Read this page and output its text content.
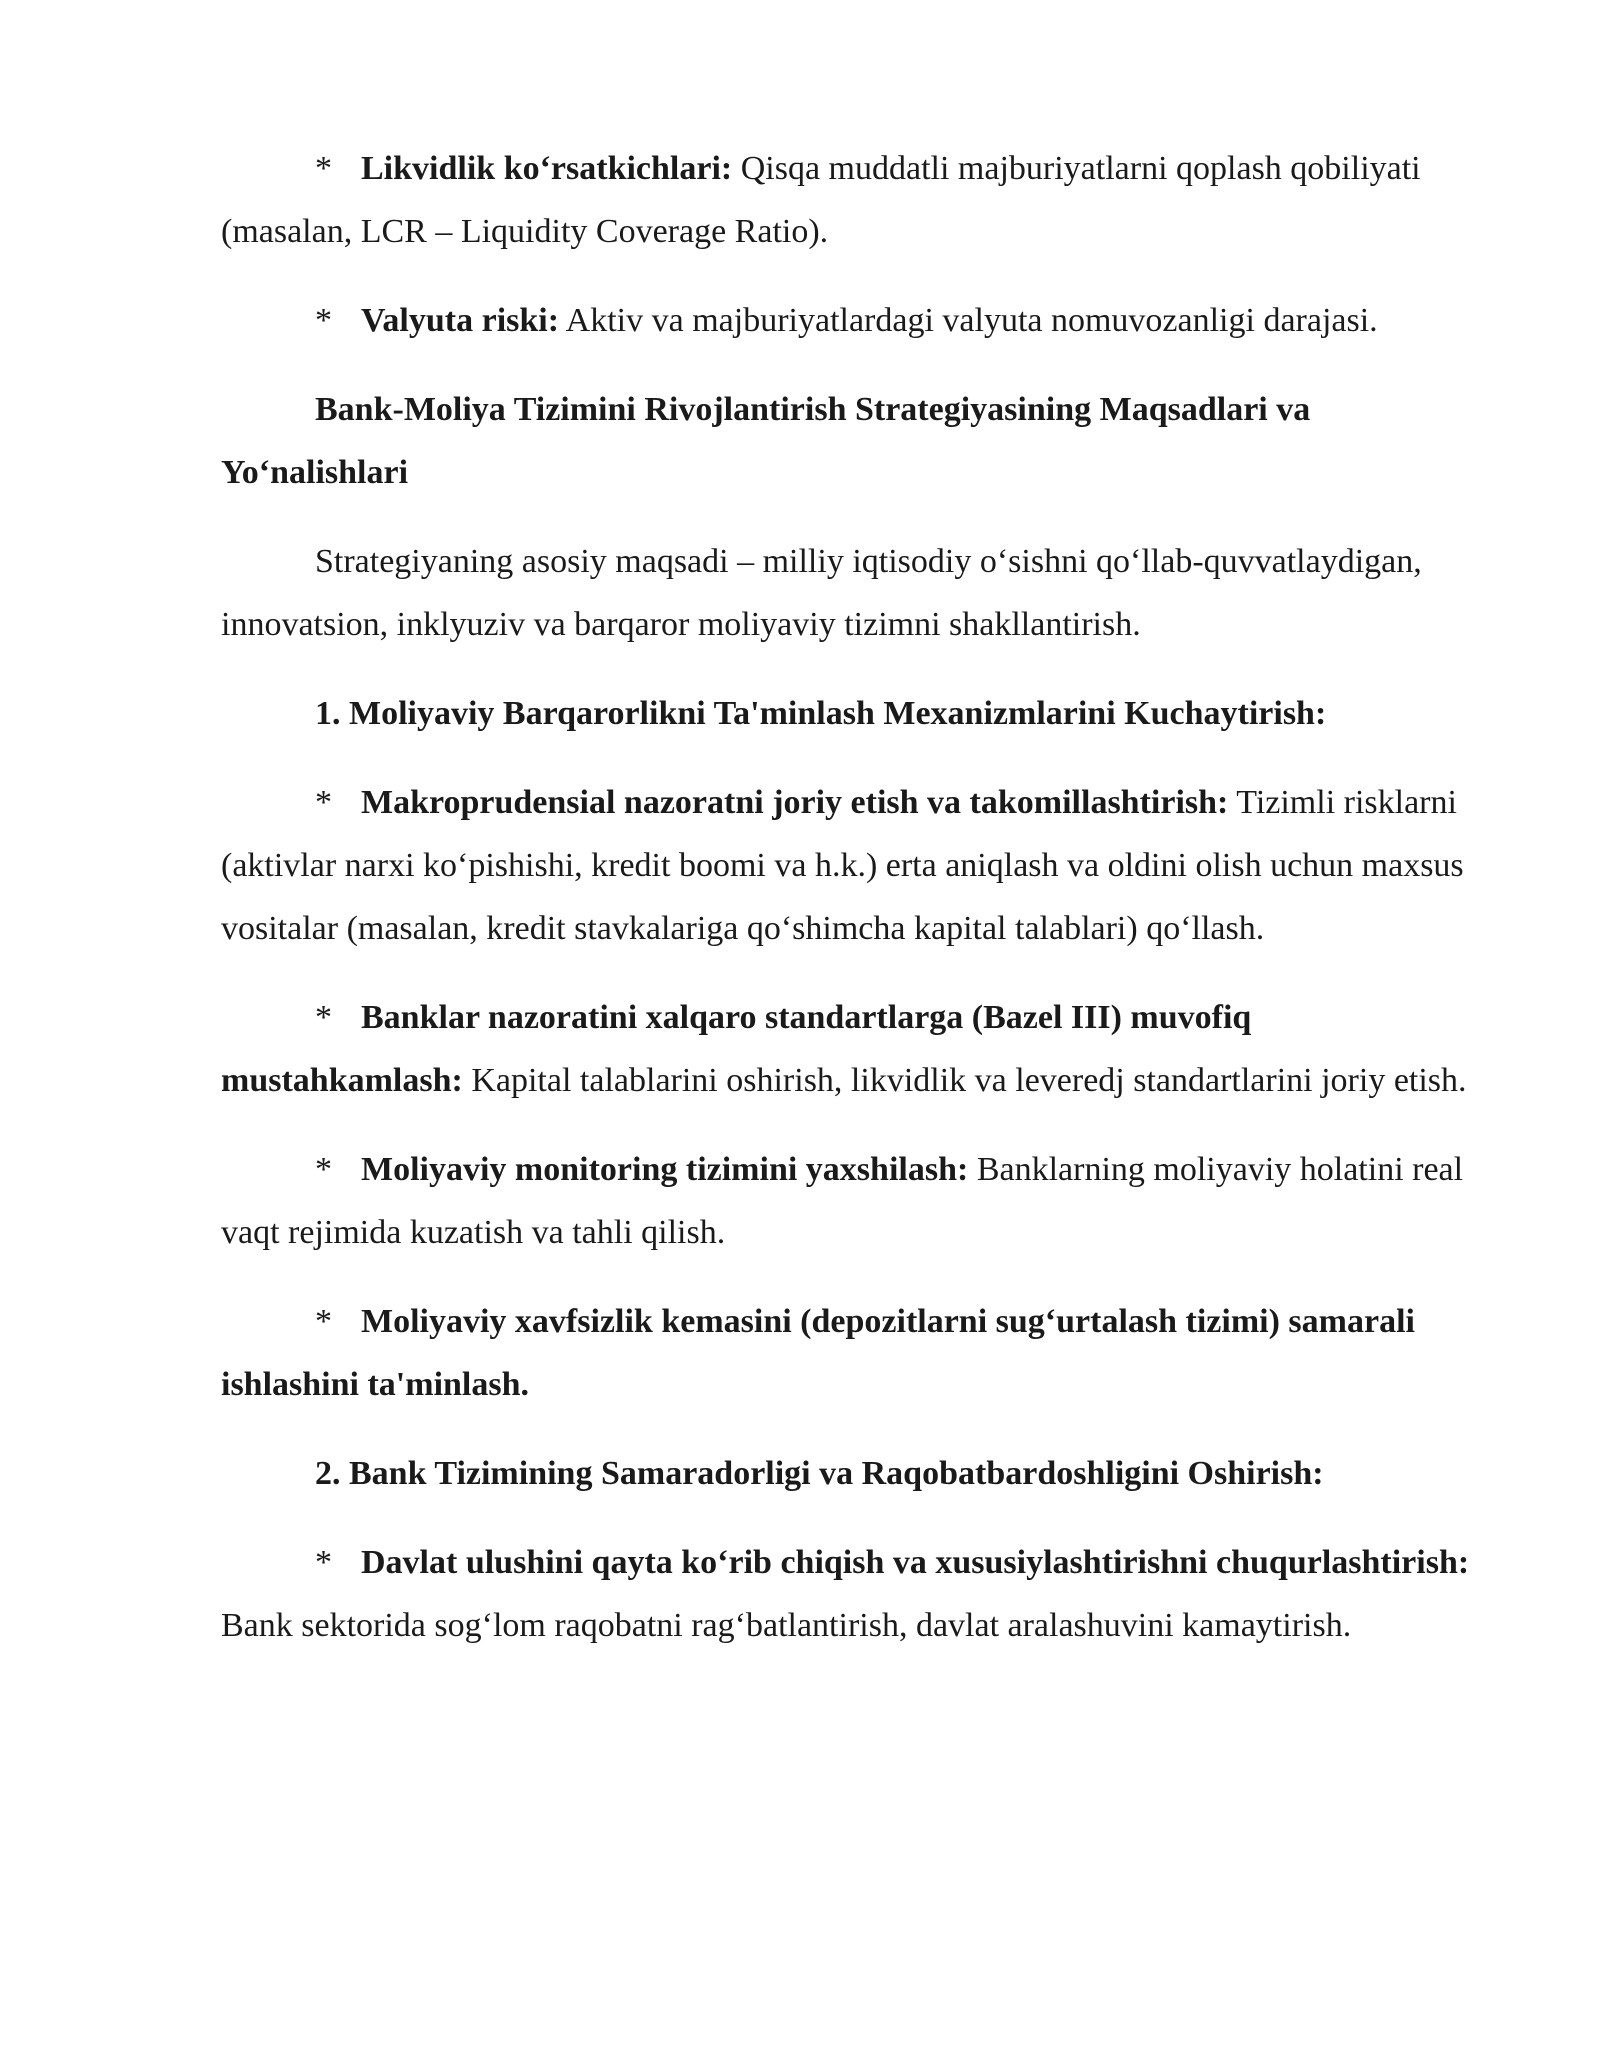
* Likvidlik ko‘rsatkichlari: Qisqa muddatli majburiyatlarni qoplash qobiliyati (masalan, LCR – Liquidity Coverage Ratio).

* Valyuta riski: Aktiv va majburiyatlardagi valyuta nomuvozanligi darajasi.

Bank-Moliya Tizimini Rivojlantirish Strategiyasining Maqsadlari va Yo‘nalishlari

Strategiyaning asosiy maqsadi – milliy iqtisodiy o‘sishni qo‘llab-quvvatlaydigan, innovatsion, inklyuziv va barqaror moliyaviy tizimni shakllantirish.

1. Moliyaviy Barqarorlikni Ta'minlash Mexanizmlarini Kuchaytirish:

* Makroprudensial nazoratni joriy etish va takomillashtirish: Tizimli risklarni (aktivlar narxi ko‘pishishi, kredit boomi va h.k.) erta aniqlash va oldini olish uchun maxsus vositalar (masalan, kredit stavkalariga qo‘shimcha kapital talablari) qo‘llash.

* Banklar nazoratini xalqaro standartlarga (Bazel III) muvofiq mustahkamlash: Kapital talablarini oshirish, likvidlik va leveredj standartlarini joriy etish.

* Moliyaviy monitoring tizimini yaxshilash: Banklarning moliyaviy holatini real vaqt rejimida kuzatish va tahli qilish.

* Moliyaviy xavfsizlik kemasini (depozitlarni sug‘urtalash tizimi) samarali ishlashini ta'minlash.

2. Bank Tizimining Samaradorligi va Raqobatbardoshligini Oshirish:

* Davlat ulushini qayta ko‘rib chiqish va xususiylashtirishni chuqurlashtirish: Bank sektorida sog‘lom raqobatni rag‘batlantirish, davlat aralashuvini kamaytirish.
